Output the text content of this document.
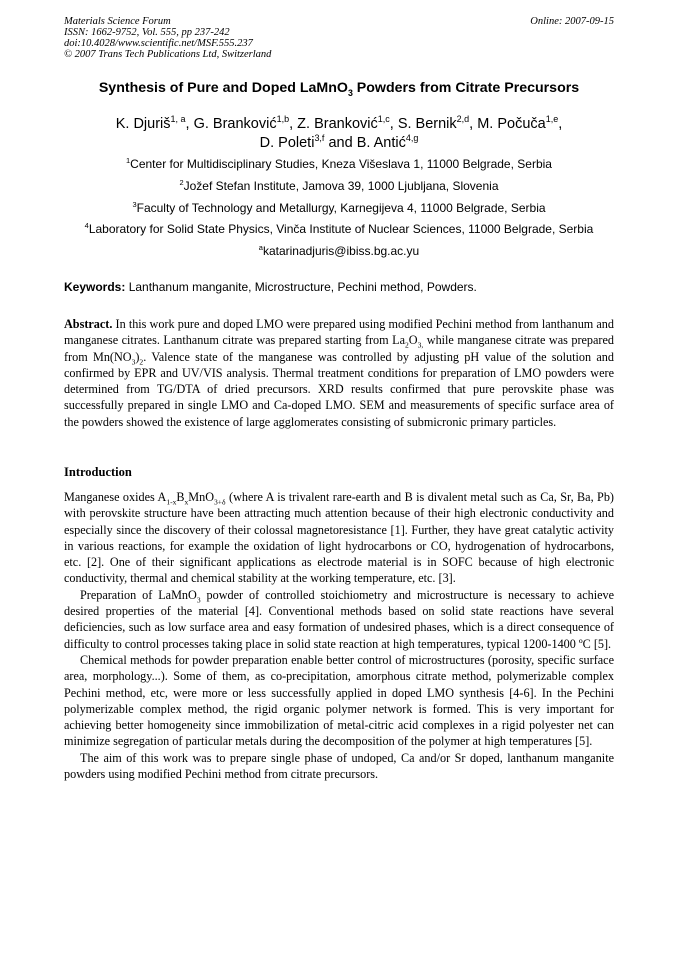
Materials Science Forum
ISSN: 1662-9752, Vol. 555, pp 237-242
doi:10.4028/www.scientific.net/MSF.555.237
© 2007 Trans Tech Publications Ltd, Switzerland
Online: 2007-09-15
Synthesis of Pure and Doped LaMnO$_3$ Powders from Citrate Precursors
K. Djuriš$^{1, a}$, G. Branković$^{1,b}$, Z. Branković$^{1,c}$, S. Bernik$^{2,d}$, M. Počuča$^{1,e}$,
D. Poleti$^{3,f}$ and B. Antić$^{4,g}$
$^1$Center for Multidisciplinary Studies, Kneza Višeslava 1, 11000 Belgrade, Serbia
$^2$Jožef Stefan Institute, Jamova 39, 1000 Ljubljana, Slovenia
$^3$Faculty of Technology and Metallurgy, Karnegijeva 4, 11000 Belgrade, Serbia
$^4$Laboratory for Solid State Physics, Vinča Institute of Nuclear Sciences, 11000 Belgrade, Serbia
$^a$katarinadjuris@ibiss.bg.ac.yu
Keywords: Lanthanum manganite, Microstructure, Pechini method, Powders.

Abstract. In this work pure and doped LMO were prepared using modified Pechini method from lanthanum and manganese citrates. Lanthanum citrate was prepared starting from $La_2O_{3,}$ while manganese citrate was prepared from $Mn(NO_3)_2$. Valence state of the manganese was controlled by adjusting pH value of the solution and confirmed by EPR and UV/VIS analysis. Thermal treatment conditions for preparation of LMO powders were determined from TG/DTA of dried precursors. XRD results confirmed that pure perovskite phase was successfully prepared in single LMO and Ca-doped LMO. SEM and measurements of specific surface area of the powders showed the existence of large agglomerates consisting of submicronic primary particles.

Introduction

Manganese oxides $A_{1-x}B_xMnO_{3+\delta}$ (where A is trivalent rare-earth and B is divalent metal such as Ca, Sr, Ba, Pb) with perovskite structure have been attracting much attention because of their high electronic conductivity and especially since the discovery of their colossal magnetoresistance [1]. Further, they have great catalytic activity in various reactions, for example the oxidation of light hydrocarbons or CO, hydrogenation of hydrocarbons, etc. [2]. One of their significant applications as electrode material is in SOFC because of high electronic conductivity, thermal and chemical stability at the working temperature, etc. [3].

Preparation of LaMnO$_3$ powder of controlled stoichiometry and microstructure is necessary to achieve desired properties of the material [4]. Conventional methods based on solid state reactions have several deficiencies, such as low surface area and easy formation of undesired phases, which is a direct consequence of difficulty to control processes taking place in solid state reaction at high temperatures, typical 1200-1400 ºC [5].

Chemical methods for powder preparation enable better control of microstructures (porosity, specific surface area, morphology...). Some of them, as co-precipitation, amorphous citrate method, polymerizable complex Pechini method, etc, were more or less successfully applied in doped LMO synthesis [4-6]. In the Pechini polymerizable complex method, the rigid organic polymer network is formed. This is very important for achieving better homogeneity since immobilization of metal-citric acid complexes in a rigid polyester net can minimize segregation of particular metals during the decomposition of the polymer at high temperatures [5].

The aim of this work was to prepare single phase of undoped, Ca and/or Sr doped, lanthanum manganite powders using modified Pechini method from citrate precursors.
